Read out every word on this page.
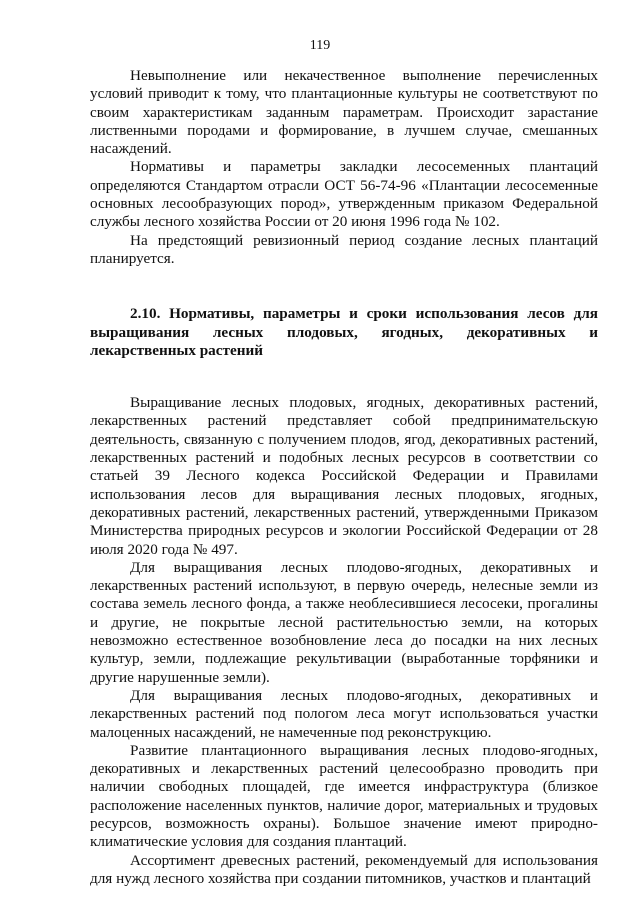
119

Невыполнение или некачественное выполнение перечисленных условий приводит к тому, что плантационные культуры не соответствуют по своим характеристикам заданным параметрам. Происходит зарастание лиственными породами и формирование, в лучшем случае, смешанных насаждений.

Нормативы и параметры закладки лесосеменных плантаций определяются Стандартом отрасли ОСТ 56-74-96 «Плантации лесосеменные основных лесообразующих пород», утвержденным приказом Федеральной службы лесного хозяйства России от 20 июня 1996 года № 102.

На предстоящий ревизионный период создание лесных плантаций планируется.

2.10. Нормативы, параметры и сроки использования лесов для выращивания лесных плодовых, ягодных, декоративных и лекарственных растений

Выращивание лесных плодовых, ягодных, декоративных растений, лекарственных растений представляет собой предпринимательскую деятельность, связанную с получением плодов, ягод, декоративных растений, лекарственных растений и подобных лесных ресурсов в соответствии со статьей 39 Лесного кодекса Российской Федерации и Правилами использования лесов для выращивания лесных плодовых, ягодных, декоративных растений, лекарственных растений, утвержденными Приказом Министерства природных ресурсов и экологии Российской Федерации от 28 июля 2020 года № 497.

Для выращивания лесных плодово-ягодных, декоративных и лекарственных растений используют, в первую очередь, нелесные земли из состава земель лесного фонда, а также необлесившиеся лесосеки, прогалины и другие, не покрытые лесной растительностью земли, на которых невозможно естественное возобновление леса до посадки на них лесных культур, земли, подлежащие рекультивации (выработанные торфяники и другие нарушенные земли).

Для выращивания лесных плодово-ягодных, декоративных и лекарственных растений под пологом леса могут использоваться участки малоценных насаждений, не намеченные под реконструкцию.

Развитие плантационного выращивания лесных плодово-ягодных, декоративных и лекарственных растений целесообразно проводить при наличии свободных площадей, где имеется инфраструктура (близкое расположение населенных пунктов, наличие дорог, материальных и трудовых ресурсов, возможность охраны). Большое значение имеют природно-климатические условия для создания плантаций.

Ассортимент древесных растений, рекомендуемый для использования для нужд лесного хозяйства при создании питомников, участков и плантаций
